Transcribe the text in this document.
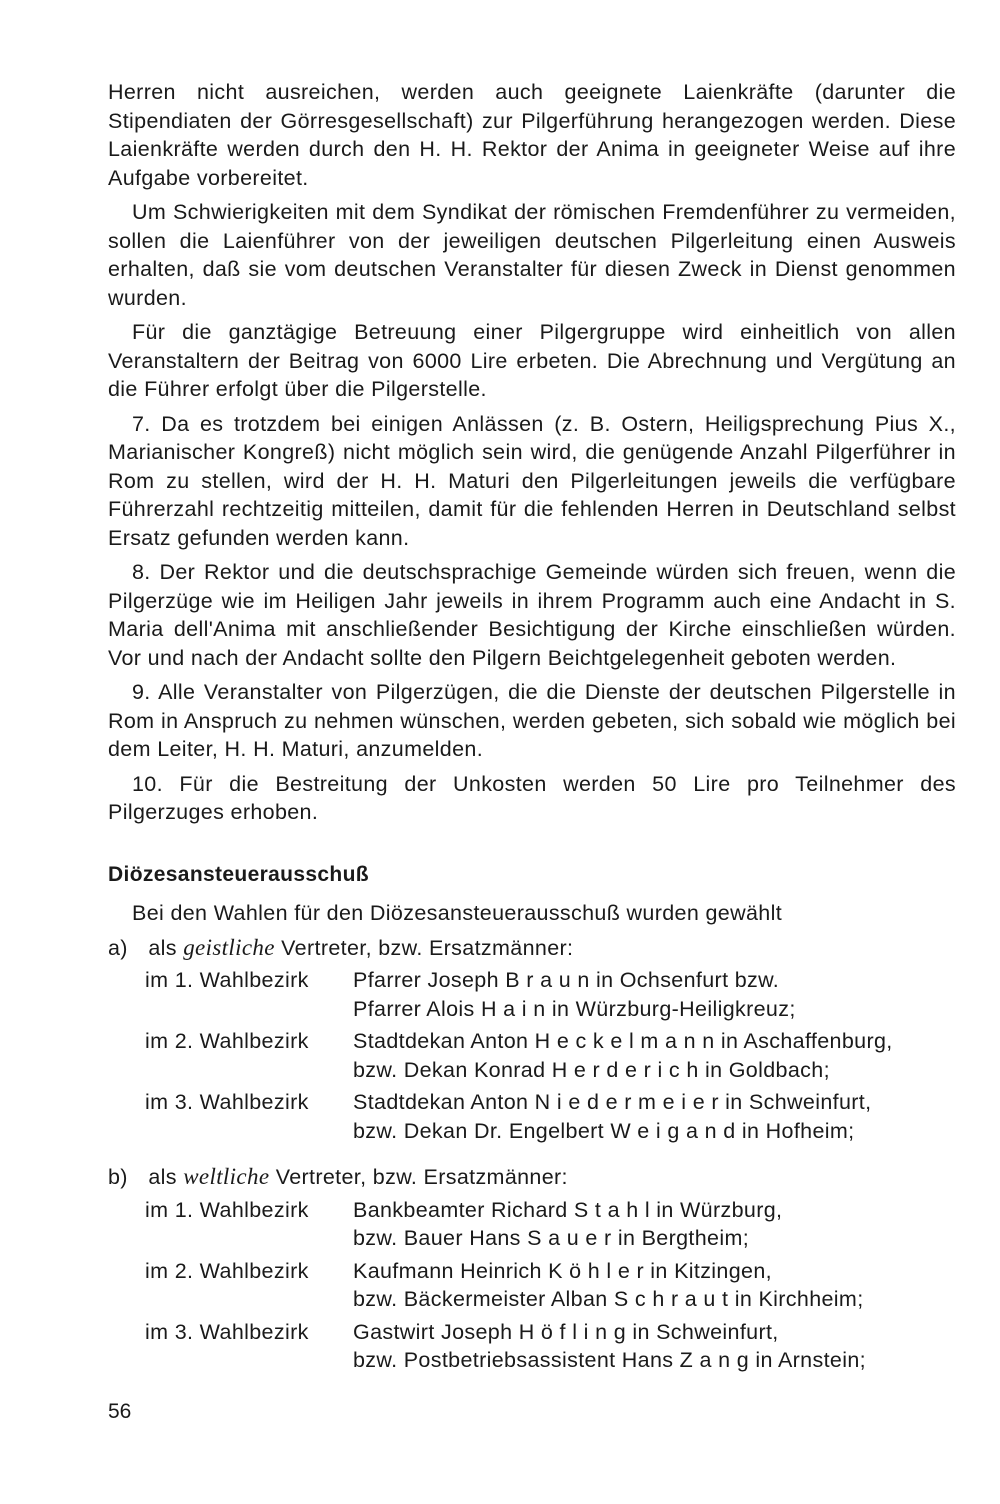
Herren nicht ausreichen, werden auch geeignete Laienkräfte (darunter die Stipendiaten der Görresgesellschaft) zur Pilgerführung herangezogen werden. Diese Laienkräfte werden durch den H. H. Rektor der Anima in geeigneter Weise auf ihre Aufgabe vorbereitet.

Um Schwierigkeiten mit dem Syndikat der römischen Fremdenführer zu vermeiden, sollen die Laienführer von der jeweiligen deutschen Pilgerleitung einen Ausweis erhalten, daß sie vom deutschen Veranstalter für diesen Zweck in Dienst genommen wurden.

Für die ganztägige Betreuung einer Pilgergruppe wird einheitlich von allen Veranstaltern der Beitrag von 6000 Lire erbeten. Die Abrechnung und Vergütung an die Führer erfolgt über die Pilgerstelle.

7. Da es trotzdem bei einigen Anlässen (z. B. Ostern, Heiligsprechung Pius X., Marianischer Kongreß) nicht möglich sein wird, die genügende Anzahl Pilgerführer in Rom zu stellen, wird der H. H. Maturi den Pilgerleitungen jeweils die verfügbare Führerzahl rechtzeitig mitteilen, damit für die fehlenden Herren in Deutschland selbst Ersatz gefunden werden kann.

8. Der Rektor und die deutschsprachige Gemeinde würden sich freuen, wenn die Pilgerzüge wie im Heiligen Jahr jeweils in ihrem Programm auch eine Andacht in S. Maria dell'Anima mit anschließender Besichtigung der Kirche einschließen würden. Vor und nach der Andacht sollte den Pilgern Beichtgelegenheit geboten werden.

9. Alle Veranstalter von Pilgerzügen, die die Dienste der deutschen Pilgerstelle in Rom in Anspruch zu nehmen wünschen, werden gebeten, sich sobald wie möglich bei dem Leiter, H. H. Maturi, anzumelden.

10. Für die Bestreitung der Unkosten werden 50 Lire pro Teilnehmer des Pilgerzuges erhoben.

Diözesansteuerausschuß
Bei den Wahlen für den Diözesansteuerausschuß wurden gewählt
a) als geistliche Vertreter, bzw. Ersatzmänner:
im 1. Wahlbezirk	Pfarrer Joseph B r a u n in Ochsenfurt bzw.
Pfarrer Alois H a i n in Würzburg-Heiligkreuz;
im 2. Wahlbezirk	Stadtdekan Anton H e c k e l m a n n in Aschaffenburg,
bzw. Dekan Konrad H e r d e r i c h in Goldbach;
im 3. Wahlbezirk	Stadtdekan Anton N i e d e r m e i e r in Schweinfurt,
bzw. Dekan Dr. Engelbert W e i g a n d in Hofheim;
b) als weltliche Vertreter, bzw. Ersatzmänner:
im 1. Wahlbezirk	Bankbeamter Richard S t a h l in Würzburg,
bzw. Bauer Hans S a u e r in Bergtheim;
im 2. Wahlbezirk	Kaufmann Heinrich K ö h l e r in Kitzingen,
bzw. Bäckermeister Alban S c h r a u t in Kirchheim;
im 3. Wahlbezirk	Gastwirt Joseph H ö f l i n g in Schweinfurt,
bzw. Postbetriebsassistent Hans Z a n g in Arnstein;
56
